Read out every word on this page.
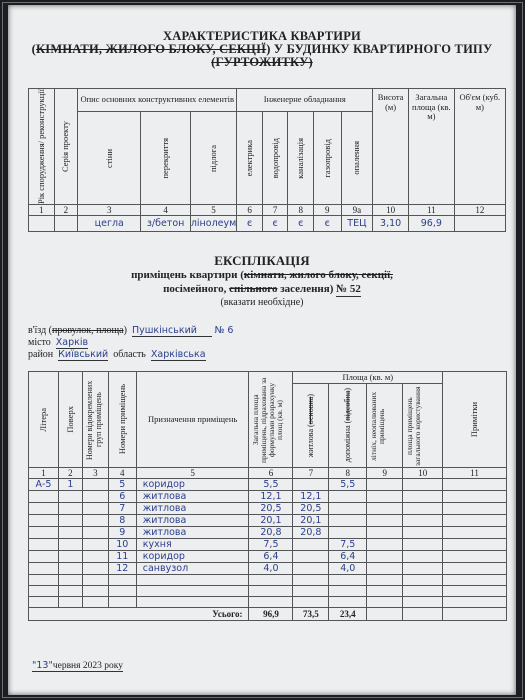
ХАРАКТЕРИСТИКА КВАРТИРИ
(КІМНАТИ, ЖИЛОГО БЛОКУ, СЕКЦІЇ) У БУДИНКУ КВАРТИРНОГО ТИПУ
(ГУРТОЖИТКУ)
Рік спорудження/ реконструкції	Серія проекту	Опис основних конструктивних елементів			Інженерне обладнання					Висота (м)	Загальна площа (кв. м)	Об'єм (куб. м)

		стіни	перекриття	підлога	електрика	водопровід	каналізація	газопровід	опалення			

1	2	3	4	5	6	7	8	9	9а	10	11	12
		цегла	з/бетон	лінолеум	є	є	є	є	ТЕЦ	3,10	96,9	
ЕКСПЛІКАЦІЯ
приміщень квартири (кімнати, жилого блоку, секції,
посімейного, спільного заселення) № 52
(вказати необхідне)
в'їзд (провулок, площа) Пушкінський № 6
місто Харків
район Київський область Харківська
Літера	Поверх	Номери відокремлених груп приміщень	Номери приміщень	Призначення приміщень	Загальна площа приміщень, підрахована за формулами розрахунку площ (кв. м)	Площа (кв. м)				Примітки

						житлова (основна)	допоміжна (підсобна)	літніх, неопалюваних приміщень	площа приміщень загального користування	

1	2	3	4	5	6	7	8	9	10	11
А-5	1		5	коридор	5,5		5,5			
			6	житлова	12,1	12,1				
			7	житлова	20,5	20,5				
			8	житлова	20,1	20,1				
			9	житлова	20,8	20,8				
			10	кухня	7,5		7,5			
			11	коридор	6,4		6,4			
			12	санвузол	4,0		4,0			

Усього:					96,9	73,5	23,4			
"13"червня 2023 року
